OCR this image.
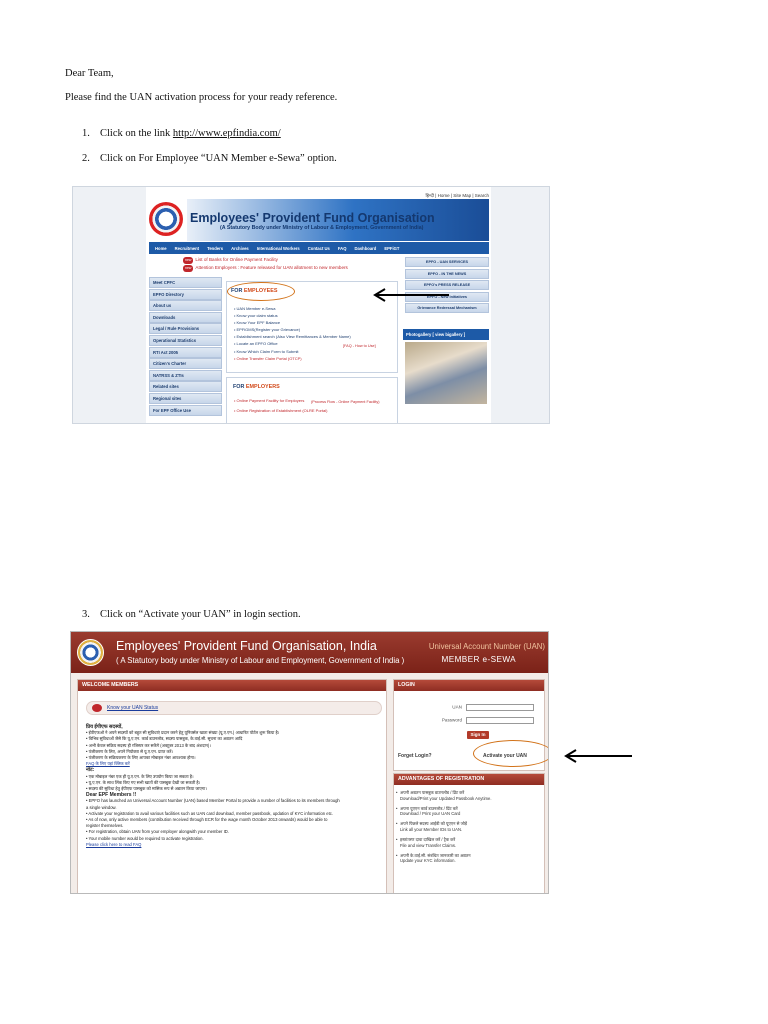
Dear Team,
Please find the UAN activation process for your ready reference.
1. Click on the link http://www.epfindia.com/
2. Click on For Employee “UAN Member e-Sewa” option.
हिन्दी | Home | Site Map | Search
Employees' Provident Fund Organisation
(A Statutory Body under Ministry of Labour & Employment, Government of India)
Home Recruitment Tenders Archives International Workers Contact Us FAQ Dashboard EPFiGT
new List of Banks for Online Payment Facility
new Attention Employers : Feature released for UAN allotment to new members
Meet CPFC
EPFO Directory
About us
Downloads
Legal / Rule Provisions
Operational Statistics
RTI Act 2005
Citizen's Charter
NATRSS & ZTIs
Related sites
Regional sites
For EPF Office Use
FOR EMPLOYEES
• UAN Member e-Sewa
• Know your claim status
• Know Your EPF Balance
• EPFiGMS(Register your Grievance)
• Establishment search (Also View Remittances & Member Name)
• Locate an EPFO Office
• Know Which Claim Form to Submit
• Online Transfer Claim Portal (OTCP)
[FAQ - How to Use]
FOR EMPLOYERS
• Online Payment Facility for Employers
• Online Registration of Establishment (OLRE Portal)
(Process Flow - Online Payment Facility)
EPFO - UAN SERVICES
EPFO - IN THE NEWS
EPFO's PRESS RELEASE
EPFO - New Initiatives
Grievance Redressal Mechanism
Photogallery [ view bigallery ]
3. Click on “Activate your UAN” in login section.
Employees' Provident Fund Organisation, India
( A Statutory body under Ministry of Labour and Employment, Government of India )
Universal Account Number (UAN)
MEMBER e-SEWA
WELCOME MEMBERS
Know your UAN Status
प्रिय ईपीएफ सदस्यों,
• ईपीएफओ ने अपने सदस्यों को बहुत सी सुविधाएं प्रदान करने हेतु यूनिवर्सल खाता संख्या (यू.ए.एन.) आधारित पोर्टल शुरू किया है।
• विभिन्न सुविधाओं जैसे कि यू.ए.एन. कार्ड डाउनलोड, सदस्य पासबुक, के.वाई.सी. सूचना का अद्यतन आदि
• अभी केवल सक्रिय सदस्य ही रजिस्टर कर सकेंगे (अक्टूबर 2013 के बाद अंशदान)।
• पंजीकरण के लिए, अपने नियोक्ता से यू.ए.एन. प्राप्त करें।
• पंजीकरण के सक्रियकरण के लिए आपका मोबाइल नंबर आवश्यक होगा।
FAQ के लिए यहां क्लिक करें
नोट:
• एक मोबाइल नंबर एक ही यू.ए.एन. के लिए उपयोग किया जा सकता है।
• यू.ए.एन. के साथ लिंक किए गए सभी खातों की पासबुक देखी जा सकती है।
• सदस्य की सुविधा हेतु ईपीएफ पासबुक को मासिक रूप से अद्यतन किया जाएगा।
Dear EPF Members !!
• EPFO has launched an Universal Account Number (UAN) based Member Portal to provide a number of facilities to its members through
a single window.
• Activate your registration to avail various facilities such as UAN card download, member passbook, updation of KYC information etc.
• As of now, only active members (contribution received through ECR for the wage month October 2013 onwards) would be able to
register themselves.
• For registration, obtain UAN from your employer alongwith your member ID.
• Your mobile number would be required to activate registration.
Please click here to read FAQ
LOGIN
UAN
Password
Sign In
Forget Login?	Activate your UAN
ADVANTAGES OF REGISTRATION
• अपनी अद्यतन पासबुक डाउनलोड / प्रिंट करें
Download/Print your Updated Passbook Anytime.
• अपना यूएएन कार्ड डाउनलोड / प्रिंट करें
Download / Print your UAN Card
• अपने पिछले सदस्य आईडी को यूएएन से जोड़ें
Link all your Member IDs to UAN.
• हस्तांतरण दावा दाखिल करें / ट्रैक करें
File and view Transfer Claims.
• अपनी के.वाई.सी. संबंधित जानकारी का अद्यतन
Update your KYC information.
